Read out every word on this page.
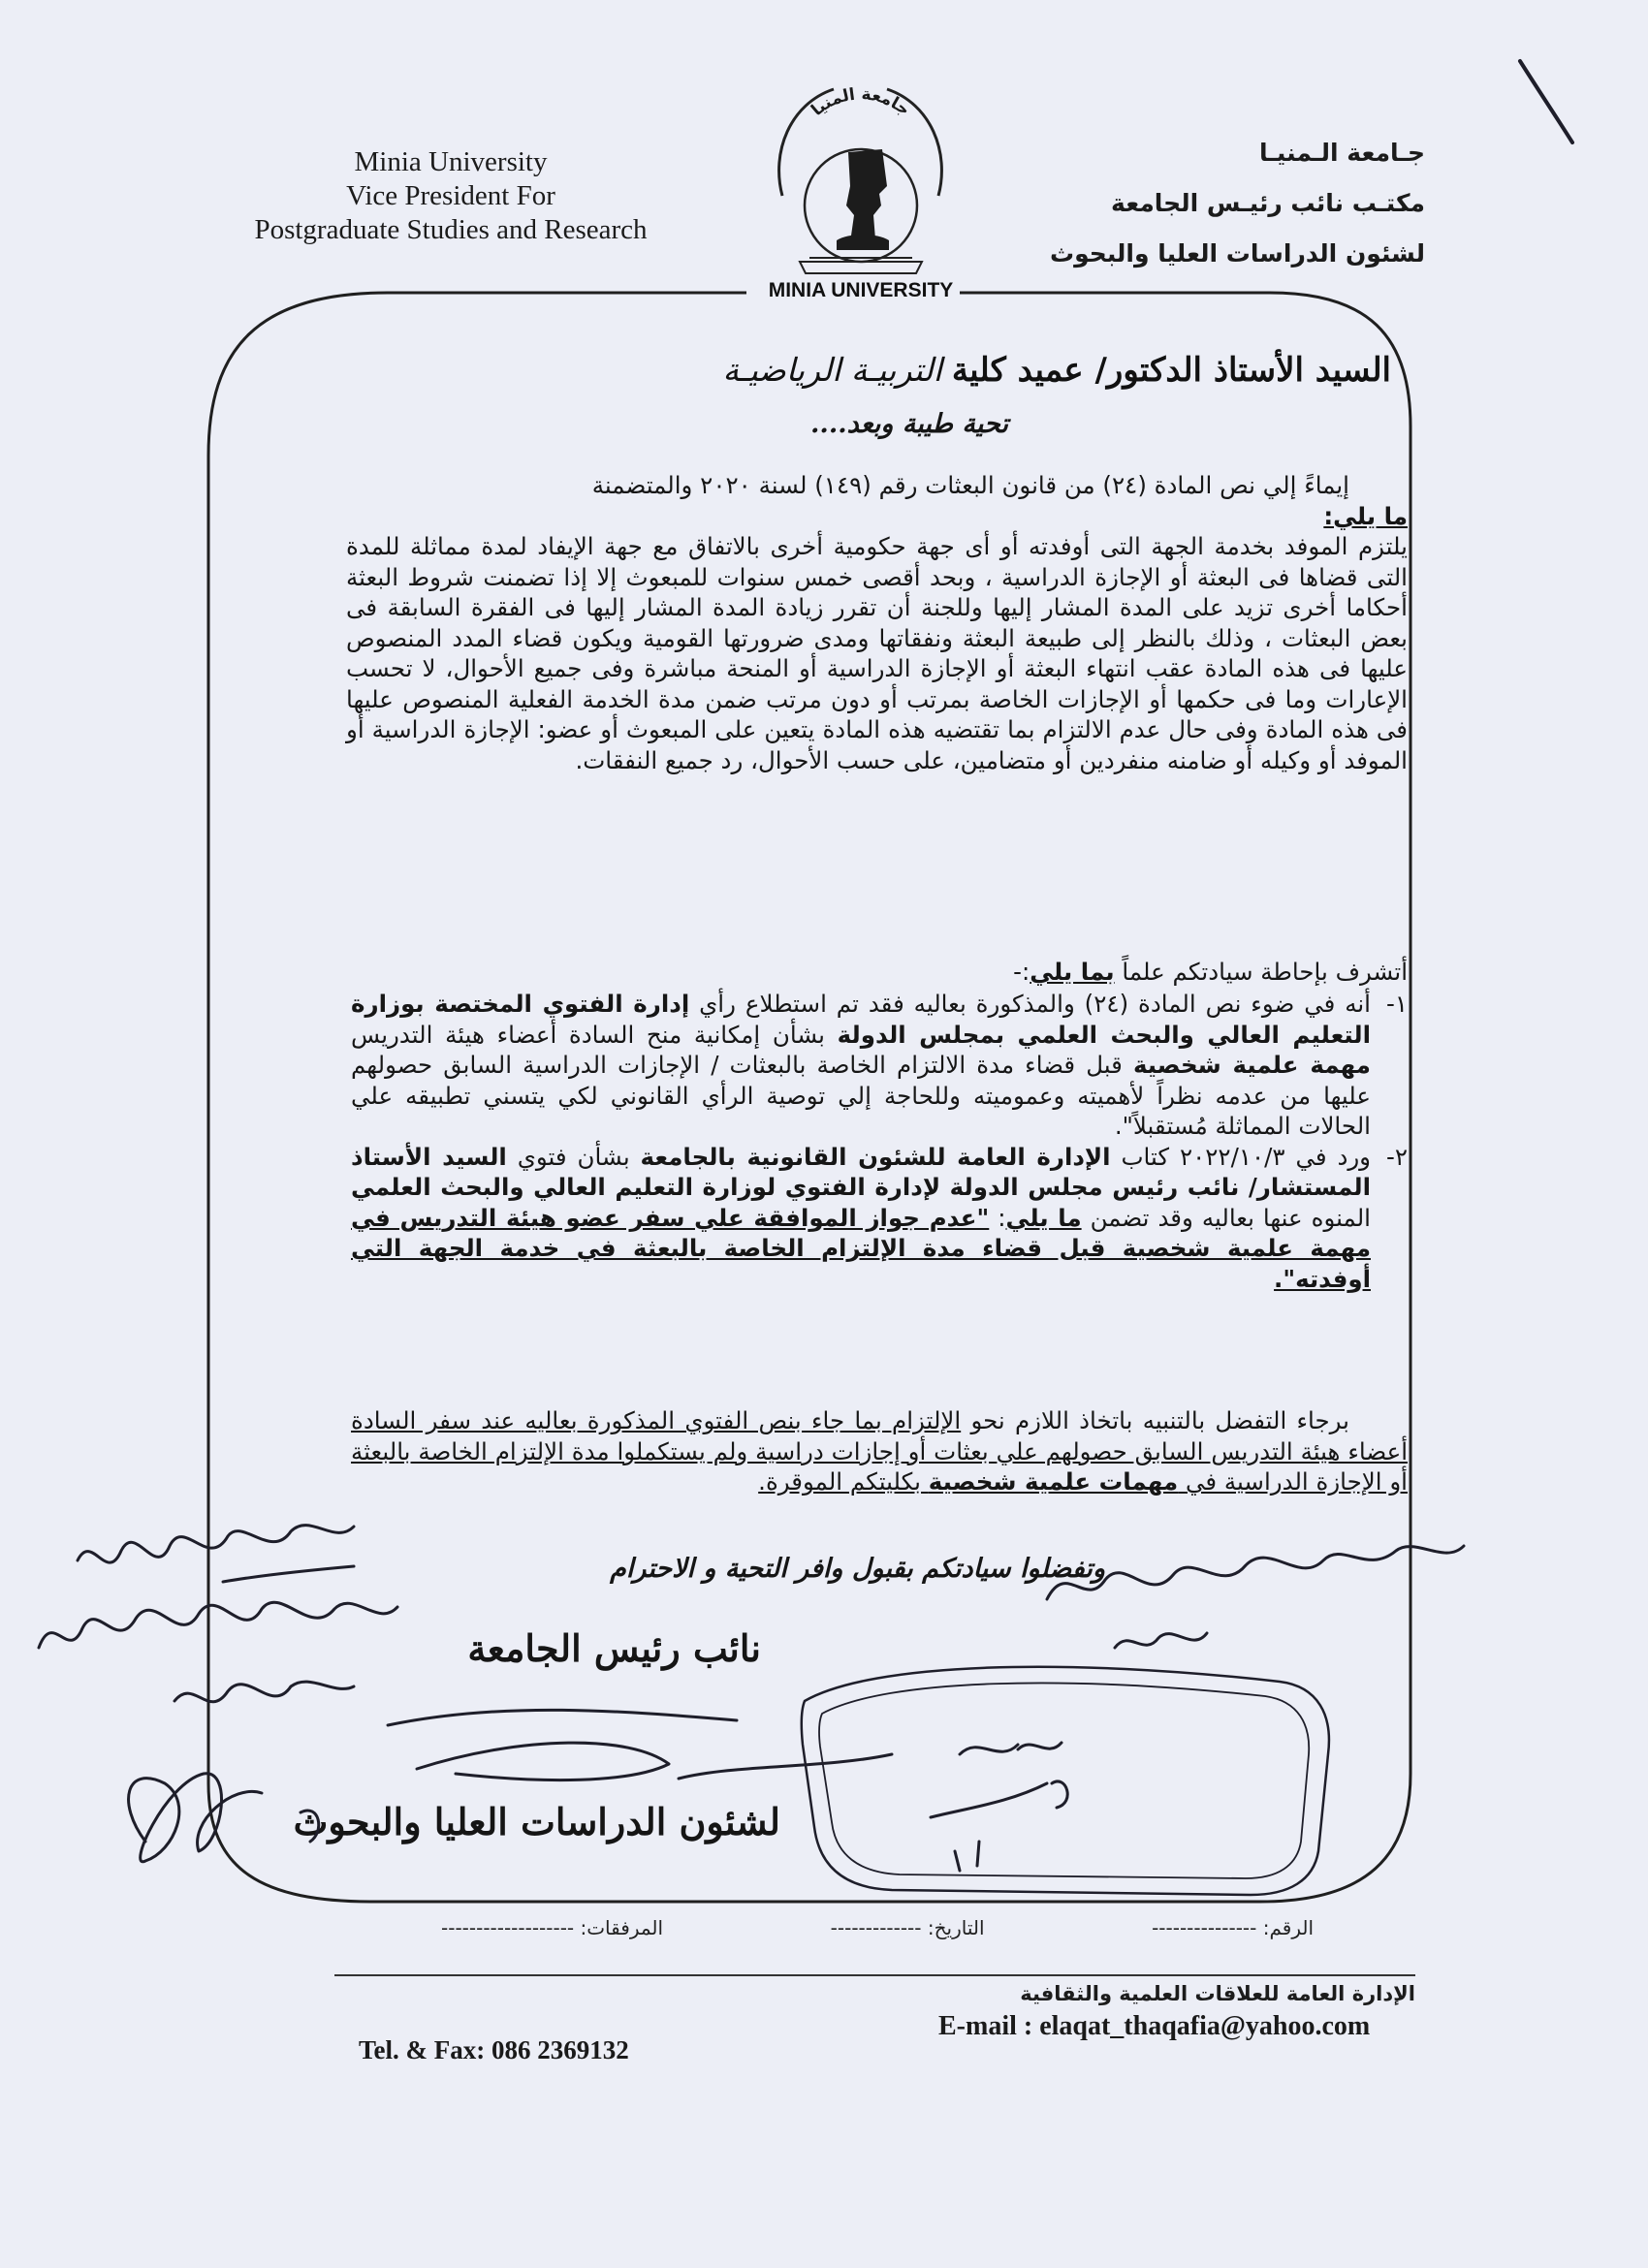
Minia University
Vice President For
Postgraduate Studies and Research
جـامعة الـمنيـا
مكتـب نائب رئيـس الجامعة
لشئون الدراسات العليا والبحوث
جامعة المنيا
MINIA UNIVERSITY
السيد الأستاذ الدكتور/ عميد كليةالتربيـة الرياضيـة
تحية طيبة وبعد....

إيماءً إلي نص المادة (٢٤) من قانون البعثات رقم (١٤٩) لسنة ٢٠٢٠ والمتضمنة

ما يلي:

يلتزم الموفد بخدمة الجهة التى أوفدته أو أى جهة حكومية أخرى بالاتفاق مع جهة الإيفاد لمدة مماثلة للمدة التى قضاها فى البعثة أو الإجازة الدراسية ، وبحد أقصى خمس سنوات للمبعوث إلا إذا تضمنت شروط البعثة أحكاما أخرى تزيد على المدة المشار إليها وللجنة أن تقرر زيادة المدة المشار إليها فى الفقرة السابقة فى بعض البعثات ، وذلك بالنظر إلى طبيعة البعثة ونفقاتها ومدى ضرورتها القومية ويكون قضاء المدد المنصوص عليها فى هذه المادة عقب انتهاء البعثة أو الإجازة الدراسية أو المنحة مباشرة وفى جميع الأحوال، لا تحسب الإعارات وما فى حكمها أو الإجازات الخاصة بمرتب أو دون مرتب ضمن مدة الخدمة الفعلية المنصوص عليها فى هذه المادة وفى حال عدم الالتزام بما تقتضيه هذه المادة يتعين على المبعوث أو عضو: الإجازة الدراسية أو الموفد أو وكيله أو ضامنه منفردين أو متضامين، على حسب الأحوال، رد جميع النفقات.

أتشرف بإحاطة سيادتكم علماً بما يلي:-
١-
أنه في ضوء نص المادة (٢٤) والمذكورة بعاليه فقد تم استطلاع رأي إدارة الفتوي المختصة بوزارة التعليم العالي والبحث العلمي بمجلس الدولة بشأن إمكانية منح السادة أعضاء هيئة التدريس مهمة علمية شخصية قبل قضاء مدة الالتزام الخاصة بالبعثات / الإجازات الدراسية السابق حصولهم عليها من عدمه نظراً لأهميته وعموميته وللحاجة إلي توصية الرأي القانوني لكي يتسني تطبيقه علي الحالات المماثلة مُستقبلاً".
٢-
ورد في ٢٠٢٢/١٠/٣ كتاب الإدارة العامة للشئون القانونية بالجامعة بشأن فتوي السيد الأستاذ المستشار/ نائب رئيس مجلس الدولة لإدارة الفتوي لوزارة التعليم العالي والبحث العلمي المنوه عنها بعاليه وقد تضمن ما يلي: "عدم جواز الموافقة علي سفر عضو هيئة التدريس في مهمة علمية شخصية قبل قضاء مدة الإلتزام الخاصة بالبعثة في خدمة الجهة التي أوفدته".

برجاء التفضل بالتنبيه باتخاذ اللازم نحو الإلتزام بما جاء بنص الفتوي المذكورة بعاليه عند سفر السادة أعضاء هيئة التدريس السابق حصولهم علي بعثات أو إجازات دراسية ولم يستكملوا مدة الإلتزام الخاصة بالبعثة أو الإجازة الدراسية في مهمات علمية شخصية بكليتكم الموقرة.

وتفضلوا سيادتكم بقبول وافر التحية و الاحترام
نائب رئيس الجامعة
لشئون الدراسات العليا والبحوث
الرقم: ---------------
التاريخ: -------------
المرفقات: -------------------
الإدارة العامة للعلاقات العلمية والثقافية
Tel. & Fax: 086 2369132
E-mail : elaqat_thaqafia@yahoo.com
